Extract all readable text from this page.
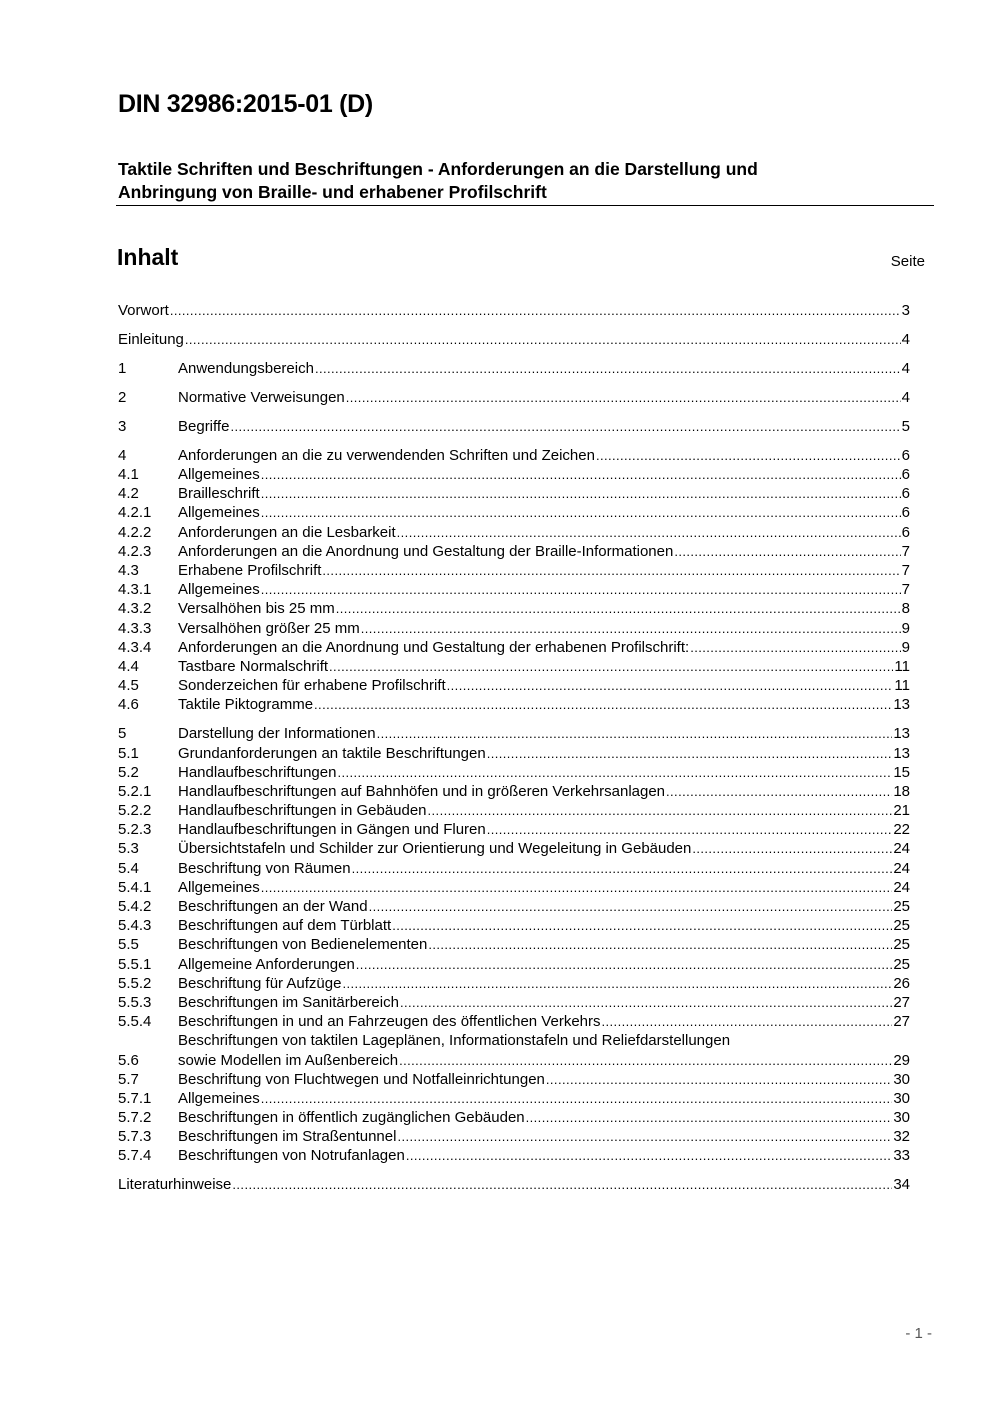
DIN 32986:2015-01 (D)
Taktile Schriften und Beschriftungen - Anforderungen an die Darstellung und
Anbringung von Braille- und erhabener Profilschrift
Inhalt	Seite
Vorwort .....	3
Einleitung .....	4
1	Anwendungsbereich .....	4
2	Normative Verweisungen .....	4
3	Begriffe .....	5
4	Anforderungen an die zu verwendenden Schriften und Zeichen .....	6
4.1	Allgemeines .....	6
4.2	Brailleschrift .....	6
4.2.1	Allgemeines .....	6
4.2.2	Anforderungen an die Lesbarkeit .....	6
4.2.3	Anforderungen an die Anordnung und Gestaltung der Braille-Informationen .....	7
4.3	Erhabene Profilschrift .....	7
4.3.1	Allgemeines .....	7
4.3.2	Versalhöhen bis 25 mm .....	8
4.3.3	Versalhöhen größer 25 mm .....	9
4.3.4	Anforderungen an die Anordnung und Gestaltung der erhabenen Profilschrift: .....	9
4.4	Tastbare Normalschrift .....	11
4.5	Sonderzeichen für erhabene Profilschrift .....	11
4.6	Taktile Piktogramme .....	13
5	Darstellung der Informationen .....	13
5.1	Grundanforderungen an taktile Beschriftungen .....	13
5.2	Handlaufbeschriftungen .....	15
5.2.1	Handlaufbeschriftungen auf Bahnhöfen und in größeren Verkehrsanlagen .....	18
5.2.2	Handlaufbeschriftungen in Gebäuden .....	21
5.2.3	Handlaufbeschriftungen in Gängen und Fluren .....	22
5.3	Übersichtstafeln und Schilder zur Orientierung und Wegeleitung in Gebäuden .....	24
5.4	Beschriftung von Räumen .....	24
5.4.1	Allgemeines .....	24
5.4.2	Beschriftungen an der Wand .....	25
5.4.3	Beschriftungen auf dem Türblatt .....	25
5.5	Beschriftungen von Bedienelementen .....	25
5.5.1	Allgemeine Anforderungen .....	25
5.5.2	Beschriftung für Aufzüge .....	26
5.5.3	Beschriftungen im Sanitärbereich .....	27
5.5.4	Beschriftungen in und an Fahrzeugen des öffentlichen Verkehrs .....	27
5.6
Beschriftungen von taktilen Lageplänen, Informationstafeln und Reliefdarstellungen
sowie Modellen im Außenbereich .....	29
5.7	Beschriftung von Fluchtwegen und Notfalleinrichtungen .....	30
5.7.1	Allgemeines .....	30
5.7.2	Beschriftungen in öffentlich zugänglichen Gebäuden .....	30
5.7.3	Beschriftungen im Straßentunnel .....	32
5.7.4	Beschriftungen von Notrufanlagen .....	33
Literaturhinweise .....	34
- 1 -
